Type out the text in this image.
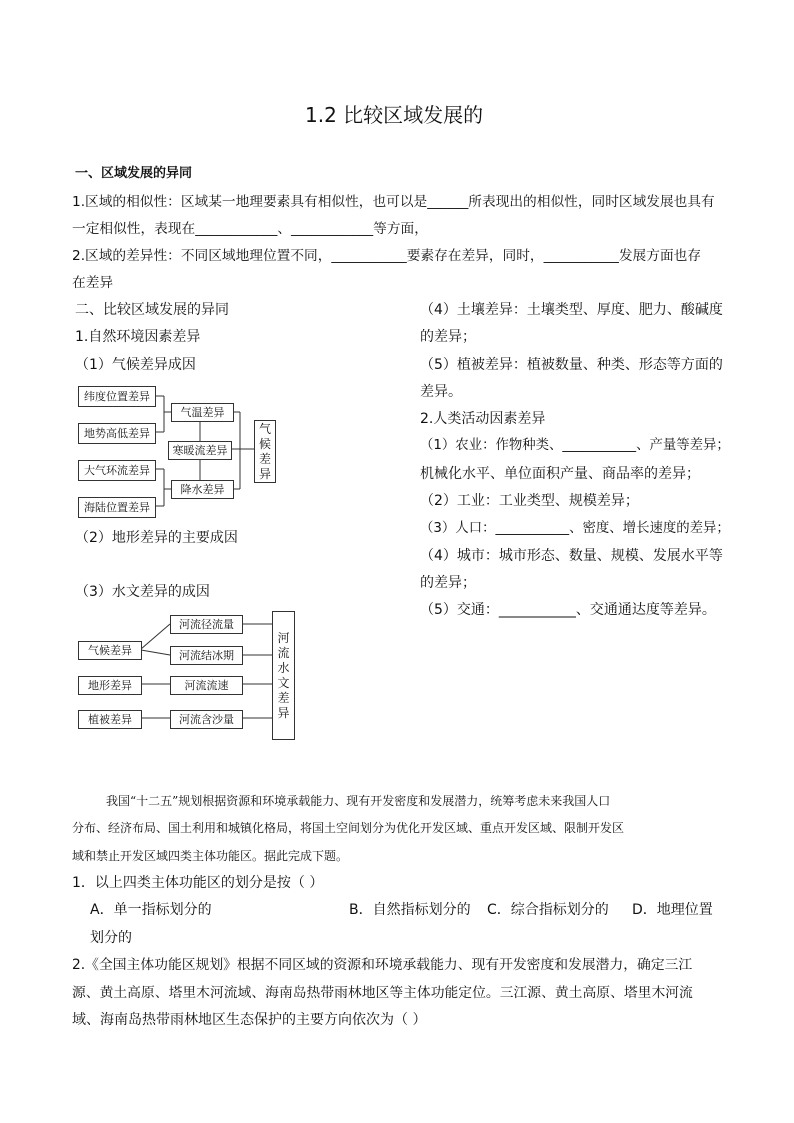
1.2 比较区域发展的
一、区域发展的异同
1.区域的相似性：区域某一地理要素具有相似性，也可以是______所表现出的相似性，同时区域发展也具有
一定相似性，表现在____________、____________等方面，
2.区域的差异性：不同区域地理位置不同，___________要素存在差异，同时，___________发展方面也存
在差异
二、比较区域发展的异同
1.自然环境因素差异
（1）气候差异成因
纬度位置差异
地势高低差异
大气环流差异
海陆位置差异
气温差异
寒暖流差异
降水差异
气
候
差
异
（2）地形差异的主要成因
（3）水文差异的成因
气候差异
地形差异
植被差异
河流径流量
河流结冰期
河流流速
河流含沙量
河
流
水
文
差
异
（4）土壤差异：土壤类型、厚度、肥力、酸碱度
的差异；
（5）植被差异：植被数量、种类、形态等方面的
差异。
2.人类活动因素差异
（1）农业：作物种类、___________、产量等差异；
机械化水平、单位面积产量、商品率的差异；
（2）工业：工业类型、规模差异；
（3）人口：___________、密度、增长速度的差异；
（4）城市：城市形态、数量、规模、发展水平等
的差异；
（5）交通：___________、交通通达度等差异。
我国“十二五”规划根据资源和环境承载能力、现有开发密度和发展潜力，统筹考虑未来我国人口
分布、经济布局、国土利用和城镇化格局，将国土空间划分为优化开发区域、重点开发区域、限制开发区
域和禁止开发区域四类主体功能区。据此完成下题。
1．以上四类主体功能区的划分是按（ ）
A．单一指标划分的	B．自然指标划分的 C．综合指标划分的 D．地理位置
划分的
2.《全国主体功能区规划》根据不同区域的资源和环境承载能力、现有开发密度和发展潜力，确定三江
源、黄土高原、塔里木河流域、海南岛热带雨林地区等主体功能定位。三江源、黄土高原、塔里木河流
域、海南岛热带雨林地区生态保护的主要方向依次为（ ）
